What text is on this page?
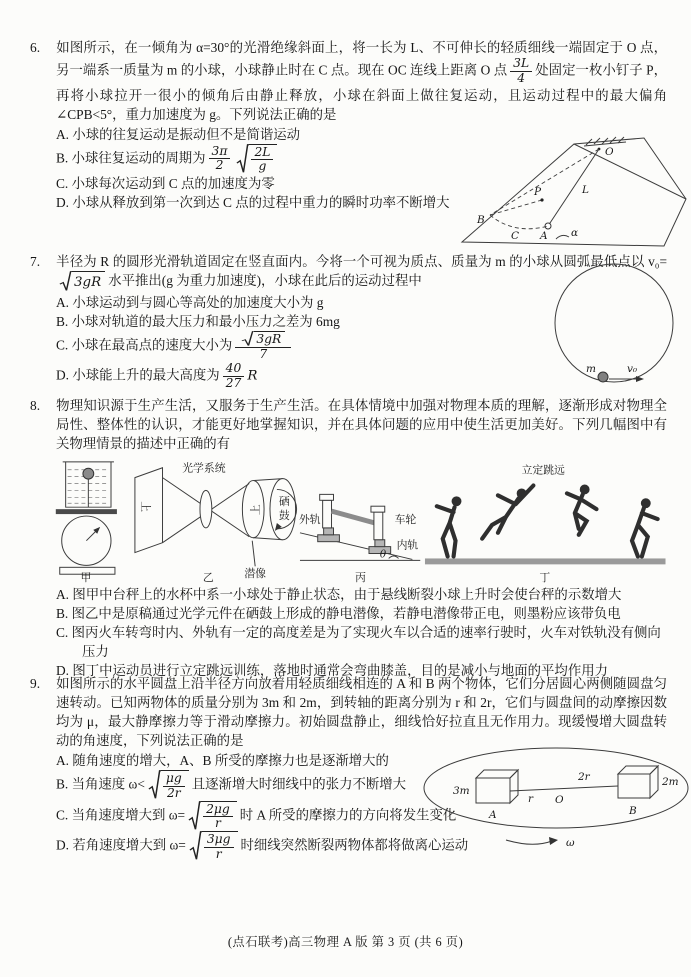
6. 如图所示，在一倾角为 α=30°的光滑绝缘斜面上，将一长为 L、不可伸长的轻质细线一端固定于 O 点，另一端系一质量为 m 的小球，小球静止时在 C 点。现在 OC 连线上距离 O 点 $\frac{3L}{4}$ 处固定一枚小钉子 P，再将小球拉开一很小的倾角后由静止释放，小球在斜面上做往复运动，且运动过程中的最大偏角∠CPB<5°，重力加速度为 g。下列说法正确的是

A. 小球的往复运动是振动但不是简谐运动

B. 小球往复运动的周期为 $\frac{3\pi}{2} \frac{2L}{g}$

C. 小球每次运动到 C 点的加速度为零

D. 小球从释放到第一次到达 C 点的过程中重力的瞬时功率不断增大

O
L
P
B
C A α

7. 半径为 R 的圆形光滑轨道固定在竖直面内。今将一个可视为质点、质量为 m 的小球从圆弧最低点以 v₀=
3gR 水平推出(g 为重力加速度)，小球在此后的运动过程中

A. 小球运动到与圆心等高处的加速度大小为 g

B. 小球对轨道的最大压力和最小压力之差为 6mg

C. 小球在最高点的速度大小为 $\frac{3gR}{7}$

D. 小球能上升的最大高度为 $\frac{40}{27}$ R	m	v₀

8. 物理知识源于生产生活，又服务于生产生活。在具体情境中加强对物理本质的理解，逐渐形成对物理全局性、整体性的认识，才能更好地掌握知识，并在具体问题的应用中使生活更加美好。下列几幅图中有关物理情景的描述中正确的有

甲
上
光学系统
上
硒
鼓
潜像
乙
外轨	车轮
内轨
θ
丙
立定跳远
丁

A. 图甲中台秤上的水杯中系一小球处于静止状态，由于悬线断裂小球上升时会使台秤的示数增大

B. 图乙中是原稿通过光学元件在硒鼓上形成的静电潜像，若静电潜像带正电，则墨粉应该带负电

C. 图丙火车转弯时内、外轨有一定的高度差是为了实现火车以合适的速率行驶时，火车对铁轨没有侧向压力

D. 图丁中运动员进行立定跳远训练，落地时通常会弯曲膝盖，目的是减小与地面的平均作用力

9. 如图所示的水平圆盘上沿半径方向放着用轻质细线相连的 A 和 B 两个物体，它们分居圆心两侧随圆盘匀速转动。已知两物体的质量分别为 3m 和 2m，到转轴的距离分别为 r 和 2r，它们与圆盘间的动摩擦因数均为 μ，最大静摩擦力等于滑动摩擦力。初始圆盘静止，细线恰好拉直且无作用力。现缓慢增大圆盘转动的角速度，下列说法正确的是

A. 随角速度的增大，A、B 所受的摩擦力也是逐渐增大的

B. 当角速度 $\omega< \frac{\mu g}{2r}$ 且逐渐增大时细线中的张力不断增大

C. 当角速度增大到 $\omega= \frac{2\mu g}{r}$ 时 A 所受的摩擦力的方向将发生变化

D. 若角速度增大到 $\omega= \frac{3\mu g}{r}$ 时细线突然断裂两物体都将做离心运动

3m
A
r O
2r	2m
B
ω
(点石联考)高三物理 A 版 第 3 页 (共 6 页)
